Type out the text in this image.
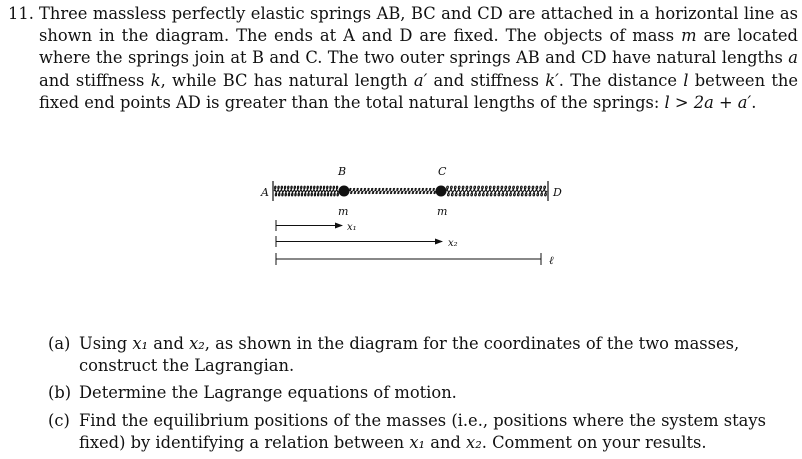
11. Three massless perfectly elastic springs AB, BC and CD are attached in a horizontal line as shown in the diagram. The ends at A and D are fixed. The objects of mass m are located where the springs join at B and C. The two outer springs AB and CD have natural lengths a and stiffness k, while BC has natural length a′ and stiffness k′. The distance l between the fixed end points AD is greater than the total natural lengths of the springs: l > 2a + a′.
A
B	C
D
m	m
x₁
x₂
ℓ
(a) Using x₁ and x₂, as shown in the diagram for the coordinates of the two masses, construct the Lagrangian.
(b) Determine the Lagrange equations of motion.
(c) Find the equilibrium positions of the masses (i.e., positions where the system stays fixed) by identifying a relation between x₁ and x₂. Comment on your results.
